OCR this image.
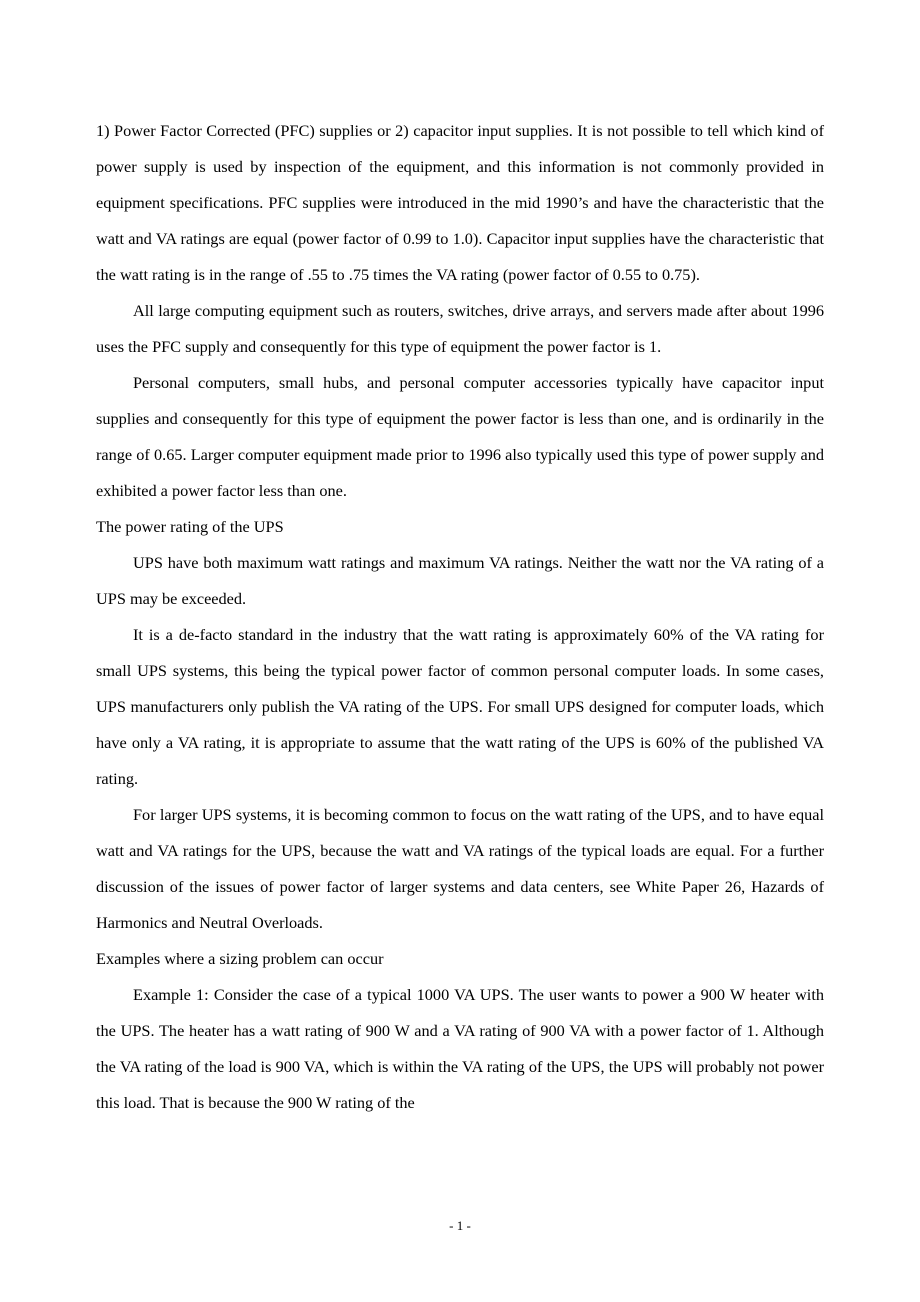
1) Power Factor Corrected (PFC) supplies or 2) capacitor input supplies. It is not possible to tell which kind of power supply is used by inspection of the equipment, and this information is not commonly provided in equipment specifications. PFC supplies were introduced in the mid 1990’s and have the characteristic that the watt and VA ratings are equal (power factor of 0.99 to 1.0). Capacitor input supplies have the characteristic that the watt rating is in the range of .55 to .75 times the VA rating (power factor of 0.55 to 0.75).

All large computing equipment such as routers, switches, drive arrays, and servers made after about 1996 uses the PFC supply and consequently for this type of equipment the power factor is 1.

Personal computers, small hubs, and personal computer accessories typically have capacitor input supplies and consequently for this type of equipment the power factor is less than one, and is ordinarily in the range of 0.65. Larger computer equipment made prior to 1996 also typically used this type of power supply and exhibited a power factor less than one.

The power rating of the UPS

UPS have both maximum watt ratings and maximum VA ratings. Neither the watt nor the VA rating of a UPS may be exceeded.

It is a de-facto standard in the industry that the watt rating is approximately 60% of the VA rating for small UPS systems, this being the typical power factor of common personal computer loads. In some cases, UPS manufacturers only publish the VA rating of the UPS. For small UPS designed for computer loads, which have only a VA rating, it is appropriate to assume that the watt rating of the UPS is 60% of the published VA rating.

For larger UPS systems, it is becoming common to focus on the watt rating of the UPS, and to have equal watt and VA ratings for the UPS, because the watt and VA ratings of the typical loads are equal. For a further discussion of the issues of power factor of larger systems and data centers, see White Paper 26, Hazards of Harmonics and Neutral Overloads.

Examples where a sizing problem can occur

Example 1: Consider the case of a typical 1000 VA UPS. The user wants to power a 900 W heater with the UPS. The heater has a watt rating of 900 W and a VA rating of 900 VA with a power factor of 1. Although the VA rating of the load is 900 VA, which is within the VA rating of the UPS, the UPS will probably not power this load. That is because the 900 W rating of the

- 1 -
